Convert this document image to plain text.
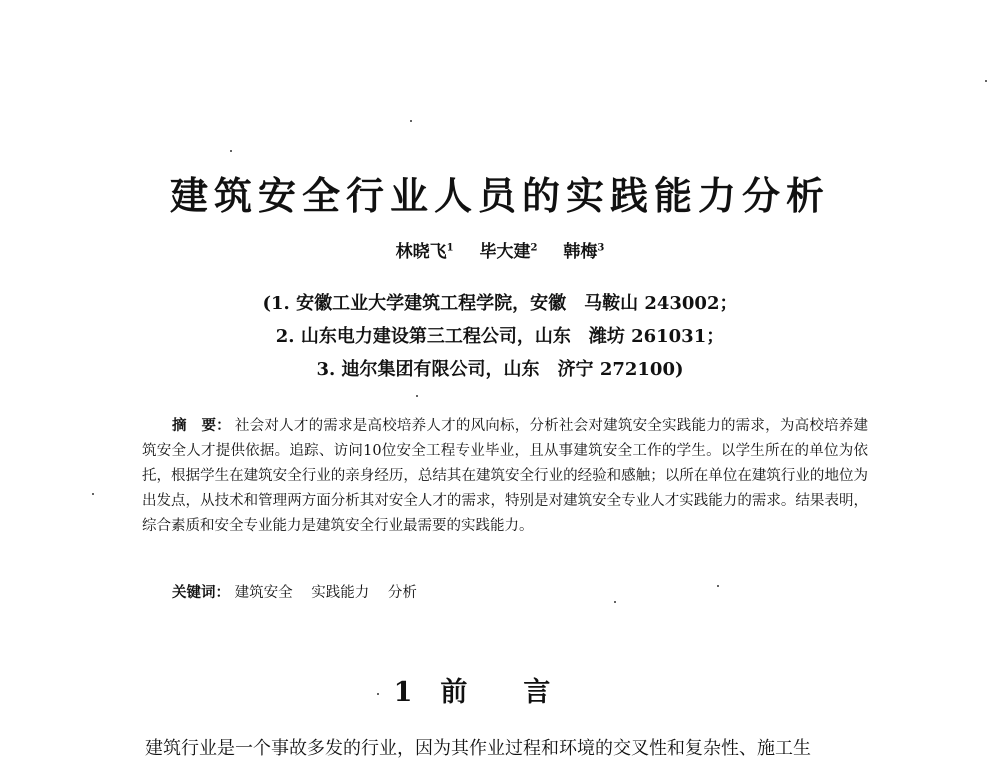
建筑安全行业人员的实践能力分析
林晓飞$^1$ 毕大建$^2$ 韩梅$^3$
(1. 安徽工业大学建筑工程学院，安徽　马鞍山 243002；
2. 山东电力建设第三工程公司，山东　潍坊 261031；
3. 迪尔集团有限公司，山东　济宁 272100)
摘　要： 社会对人才的需求是高校培养人才的风向标，分析社会对建筑安全实践能力的需求，为高校培养建筑安全人才提供依据。追踪、访问10位安全工程专业毕业，且从事建筑安全工作的学生。以学生所在的单位为依托，根据学生在建筑安全行业的亲身经历，总结其在建筑安全行业的经验和感触；以所在单位在建筑行业的地位为出发点，从技术和管理两方面分析其对安全人才的需求，特别是对建筑安全专业人才实践能力的需求。结果表明，综合素质和安全专业能力是建筑安全行业最需要的实践能力。
关键词： 建筑安全 实践能力 分析
1 前言
建筑行业是一个事故多发的行业，因为其作业过程和环境的交叉性和复杂性、施工生
